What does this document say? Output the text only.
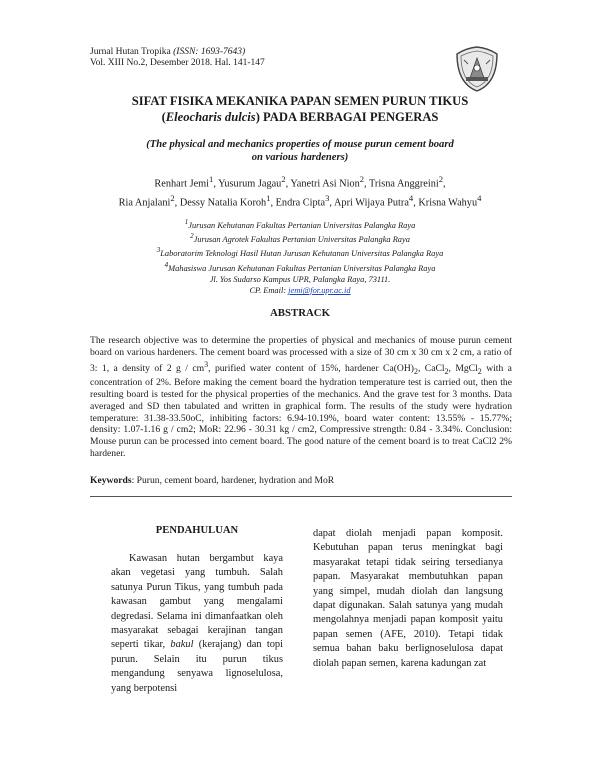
Jurnal Hutan Tropika (ISSN: 1693-7643)
Vol. XIII No.2, Desember 2018. Hal. 141-147
SIFAT FISIKA MEKANIKA PAPAN SEMEN PURUN TIKUS
(Eleocharis dulcis) PADA BERBAGAI PENGERAS
(The physical and mechanics properties of mouse purun cement board
on various hardeners)
Renhart Jemi$^1$, Yusurum Jagau$^2$, Yanetri Asi Nion$^2$, Trisna Anggreini$^2$,
Ria Anjalani$^2$, Dessy Natalia Koroh$^1$, Endra Cipta$^3$, Apri Wijaya Putra$^4$, Krisna Wahyu$^4$
$^1$Jurusan Kehutanan Fakultas Pertanian Universitas Palangka Raya
$^2$Jurusan Agrotek Fakultas Pertanian Universitas Palangka Raya
$^3$Laboratorim Teknologi Hasil Hutan Jurusan Kehutanan Universitas Palangka Raya
$^4$Mahasiswa Jurusan Kehutanan Fakultas Pertanian Universitas Palangka Raya
Jl. Yos Sudarso Kampus UPR, Palangka Raya, 73111.
CP. Email: jemi@for.upr.ac.id
ABSTRACK
The research objective was to determine the properties of physical and mechanics of mouse purun cement board on various hardeners. The cement board was processed with a size of 30 cm x 30 cm x 2 cm, a ratio of 3: 1, a density of 2 g / $cm^3$, purified water content of 15%, hardener $Ca(OH)_2$, CaCl$_2$, MgCl$_2$ with a concentration of 2%. Before making the cement board the hydration temperature test is carried out, then the resulting board is tested for the physical properties of the mechanics. And the grave test for 3 months. Data averaged and SD then tabulated and written in graphical form. The results of the study were hydration temperature: 31.38-33.50oC, inhibiting factors: 6.94-10.19%, board water content: 13.55% - 15.77%; density: 1.07-1.16 g / cm2; MoR: 22.96 - 30.31 kg / cm2, Compressive strength: 0.84 - 3.34%. Conclusion: Mouse purun can be processed into cement board. The good nature of the cement board is to treat CaCl2 2% hardener.
Keywords: Purun, cement board, hardener, hydration and MoR
PENDAHULUAN
Kawasan hutan bergambut kaya akan vegetasi yang tumbuh. Salah satunya Purun Tikus, yang tumbuh pada kawasan gambut yang mengalami degredasi. Selama ini dimanfaatkan oleh masyarakat sebagai kerajinan tangan seperti tikar, bakul (kerajang) dan topi purun. Selain itu purun tikus mengandung senyawa lignoselulosa, yang berpotensi
dapat diolah menjadi papan komposit. Kebutuhan papan terus meningkat bagi masyarakat tetapi tidak seiring tersedianya papan. Masyarakat membutuhkan papan yang simpel, mudah diolah dan langsung dapat digunakan. Salah satunya yang mudah mengolahnya menjadi papan komposit yaitu papan semen (AFE, 2010). Tetapi tidak semua bahan baku berlignoselulosa dapat diolah papan semen, karena kadungan zat
